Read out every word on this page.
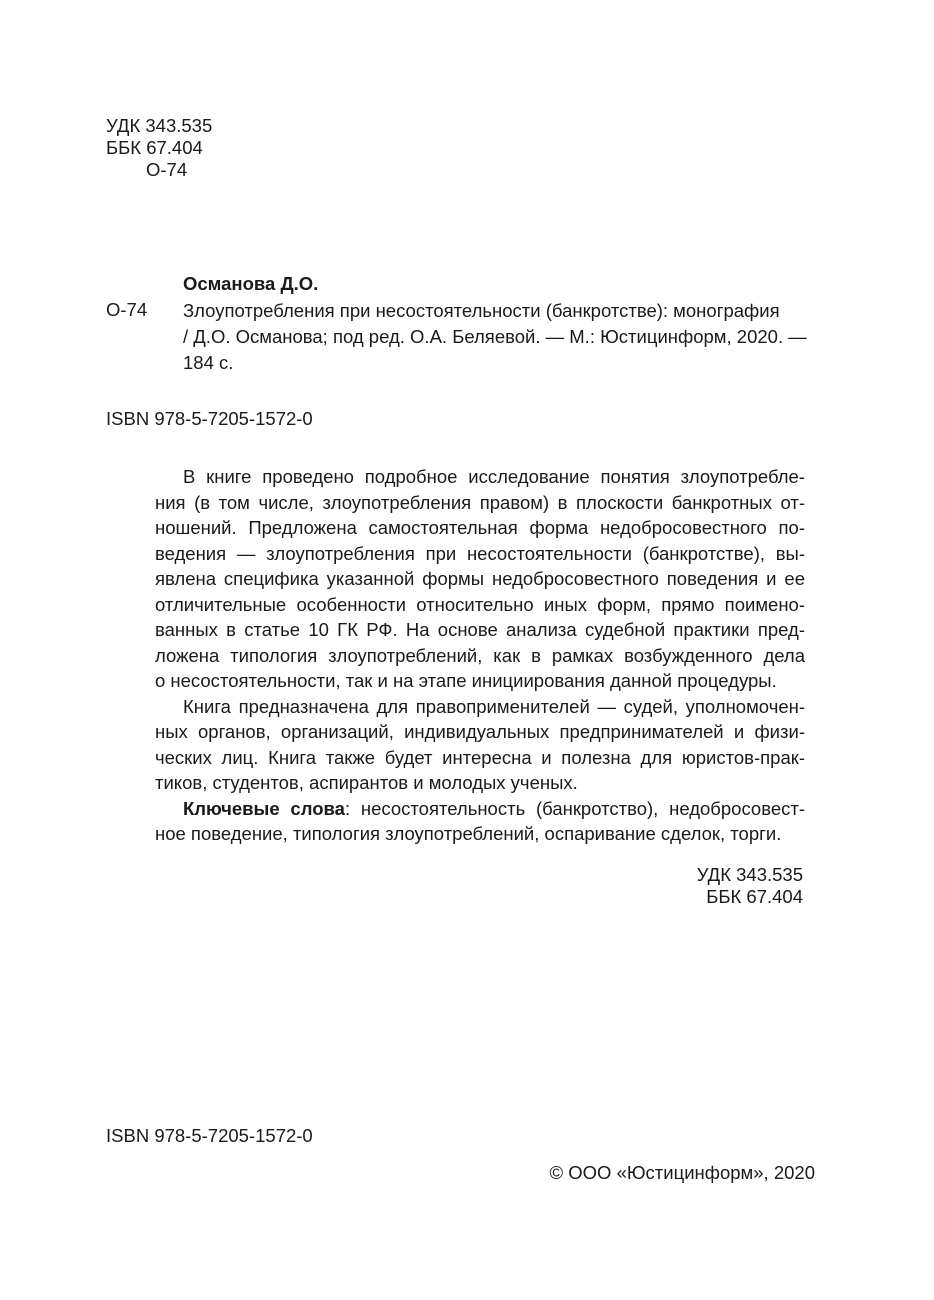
УДК 343.535
ББК 67.404
О-74
Османова Д.О.
О-74 Злоупотребления при несостоятельности (банкротстве): монография
/ Д.О. Османова; под ред. О.А. Беляевой. — М.: Юстицинформ, 2020. —
184 с.
ISBN 978-5-7205-1572-0
В книге проведено подробное исследование понятия злоупотребле-
ния (в том числе, злоупотребления правом) в плоскости банкротных от-
ношений. Предложена самостоятельная форма недобросовестного по-
ведения — злоупотребления при несостоятельности (банкротстве), вы-
явлена специфика указанной формы недобросовестного поведения и ее
отличительные особенности относительно иных форм, прямо поимено-
ванных в статье 10 ГК РФ. На основе анализа судебной практики пред-
ложена типология злоупотреблений, как в рамках возбужденного дела
о несостоятельности, так и на этапе инициирования данной процедуры.
Книга предназначена для правоприменителей — судей, уполномочен-
ных органов, организаций, индивидуальных предпринимателей и физи-
ческих лиц. Книга также будет интересна и полезна для юристов-прак-
тиков, студентов, аспирантов и молодых ученых.
Ключевые слова: несостоятельность (банкротство), недобросовест-
ное поведение, типология злоупотреблений, оспаривание сделок, торги.
УДК 343.535
ББК 67.404
ISBN 978-5-7205-1572-0
© ООО «Юстицинформ», 2020
